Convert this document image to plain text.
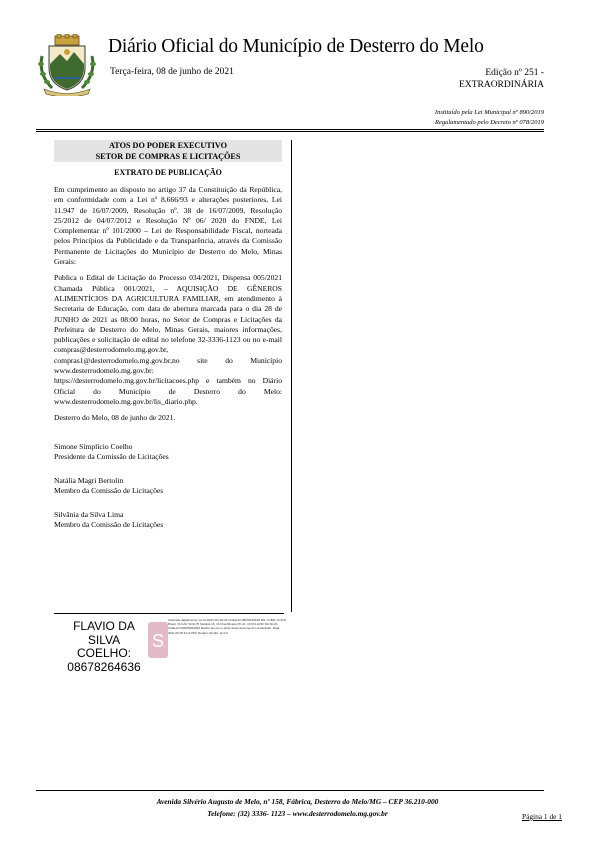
Diário Oficial do Município de Desterro do Melo
Terça-feira, 08 de junho de 2021	Edição nº 251 -
EXTRAORDINÁRIA
Instituído pela Lei Municipal nº 890/2019
Regulamentado pelo Decreto nº 078/2019
ATOS DO PODER EXECUTIVO
SETOR DE COMPRAS E LICITAÇÕES
EXTRATO DE PUBLICAÇÃO

Em cumprimento ao disposto no artigo 37 da Constituição da República, em conformidade com a Lei nº 8.666/93 e alterações posteriores, Lei 11.947 de 16/07/2009, Resolução nº. 38 de 16/07/2009, Resolução 25/2012 de 04/07/2012 e Resolução Nº 06/ 2020 do FNDE, Lei Complementar nº 101/2000 – Lei de Responsabilidade Fiscal, norteada pelos Princípios da Publicidade e da Transparência, através da Comissão Permanente de Licitações do Município de Desterro do Melo, Minas Gerais:

Publica o Edital de Licitação do Processo 034/2021, Dispensa 005/2021 Chamada Pública 001/2021, – AQUISIÇÃO DE GÊNEROS ALIMENTÍCIOS DA AGRICULTURA FAMILIAR, em atendimento à Secretaria de Educação, com data de abertura marcada para o dia 28 de JUNHO de 2021 as 08:00 horas, no Setor de Compras e Licitações da Prefeitura de Desterro do Melo, Minas Gerais, maiores informações, publicações e solicitação de edital no telefone 32-3336-1123 ou no e-mail compras@desterrodomelo.mg.gov.br, compras1@desterrodomelo.mg.gov.br,no site do Município www.desterrodomelo.mg.gov.br: https://desterrodomelo.mg.gov.br/licitacoes.php e também no Diário Oficial do Município de Desterro do Melo: www.desterrodomelo.mg.gov.br/lis_diario.php.

Desterro do Melo, 08 de junho de 2021.

Simone Simplício Coelho
Presidente da Comissão de Licitações
Natália Magri Bertolin
Membro da Comissão de Licitações
Silvânia da Silva Lima
Membro da Comissão de Licitações
FLAVIO DA SILVA
COELHO:
08678264636
S
Assinado digitalmente por FLAVIO DA SILVA COELHO:08678264636 DN: C=BR, O=ICP-Brasil, OU=AC SOLUTI Multipla v5, OU=Certificado PF A1, CN=FLAVIO DA SILVA COELHO:08678264636 Razão: Eu sou o autor deste documento Localização: Data: 2021.06.08 Foxit PDF Reader Versão: 11.0.0
Avenida Silvério Augusto de Melo, nº 158, Fábrica, Desterro do Melo/MG – CEP 36.210-000
Telefone: (32) 3336- 1123 – www.desterrodomelo.mg.gov.br	Página 1 de 1
